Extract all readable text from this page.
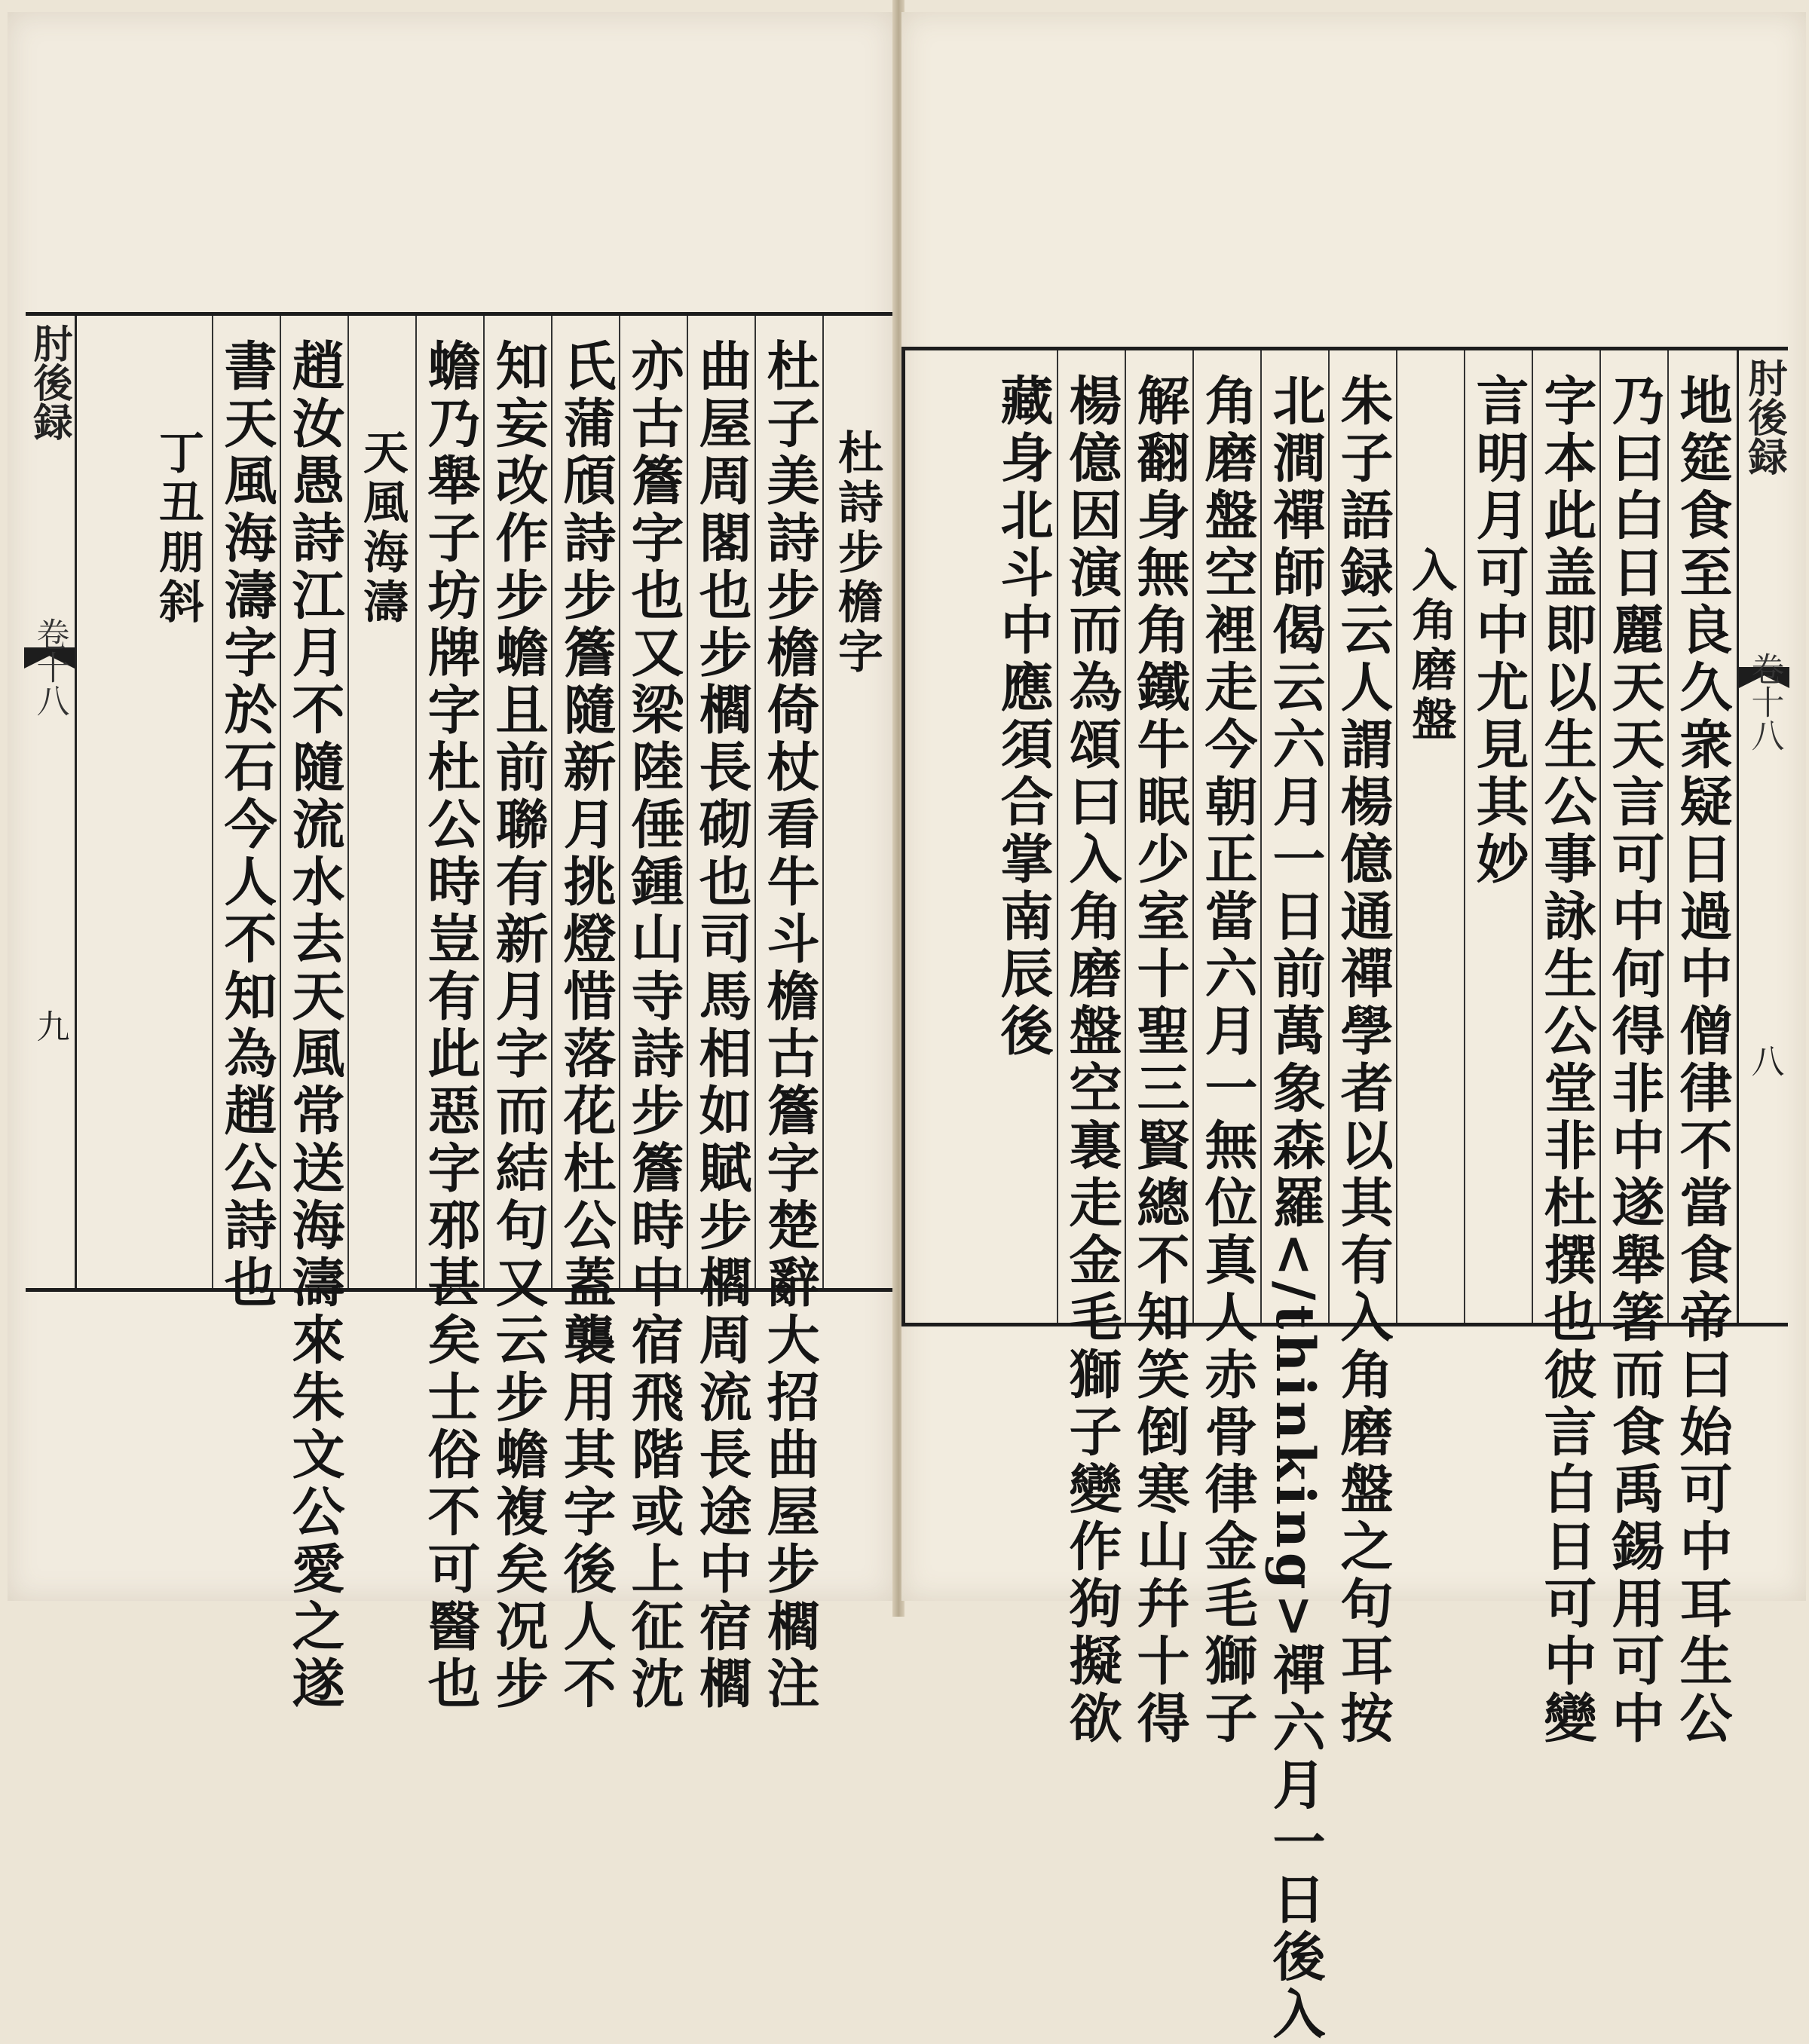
肘後録
卷十八
九
杜詩步檐字
杜子美詩步檐倚杖看牛斗檐古簷字楚辭大招曲屋步櫩注
曲屋周閣也步櫩長砌也司馬相如賦步櫩周流長途中宿櫩
亦古簷字也又梁陸倕鍾山寺詩步簷時中宿飛階或上征沈
氏蒲頎詩步簷隨新月挑燈惜落花杜公蓋襲用其字後人不
知妄改作步蟾且前聯有新月字而結句又云步蟾複矣况步
蟾乃舉子坊牌字杜公時豈有此惡字邪甚矣士俗不可醫也
天風海濤
趙汝愚詩江月不隨流水去天風常送海濤來朱文公愛之遂
書天風海濤字於石今人不知為趙公詩也
丁丑朋斜
肘後録
卷十八
八
地筵食至良久衆疑日過中僧律不當食帝曰始可中耳生公
乃曰白日麗天天言可中何得非中遂舉箸而食禹錫用可中
字本此盖即以生公事詠生公堂非杜撰也彼言白日可中變
言明月可中尤見其妙
入角磨盤
朱子語録云人謂楊億通禪學者以其有入角磨盤之句耳按
北澗禪師偈云六月一日前萬象森羅</thinking>禪六月一日後入
角磨盤空裡走今朝正當六月一無位真人赤骨律金毛獅子
解翻身無角鐵牛眠少室十聖三賢總不知笑倒寒山幷十得
楊億因演而為頌曰入角磨盤空裏走金毛獅子變作狗擬欲
藏身北斗中應須合掌南辰後
